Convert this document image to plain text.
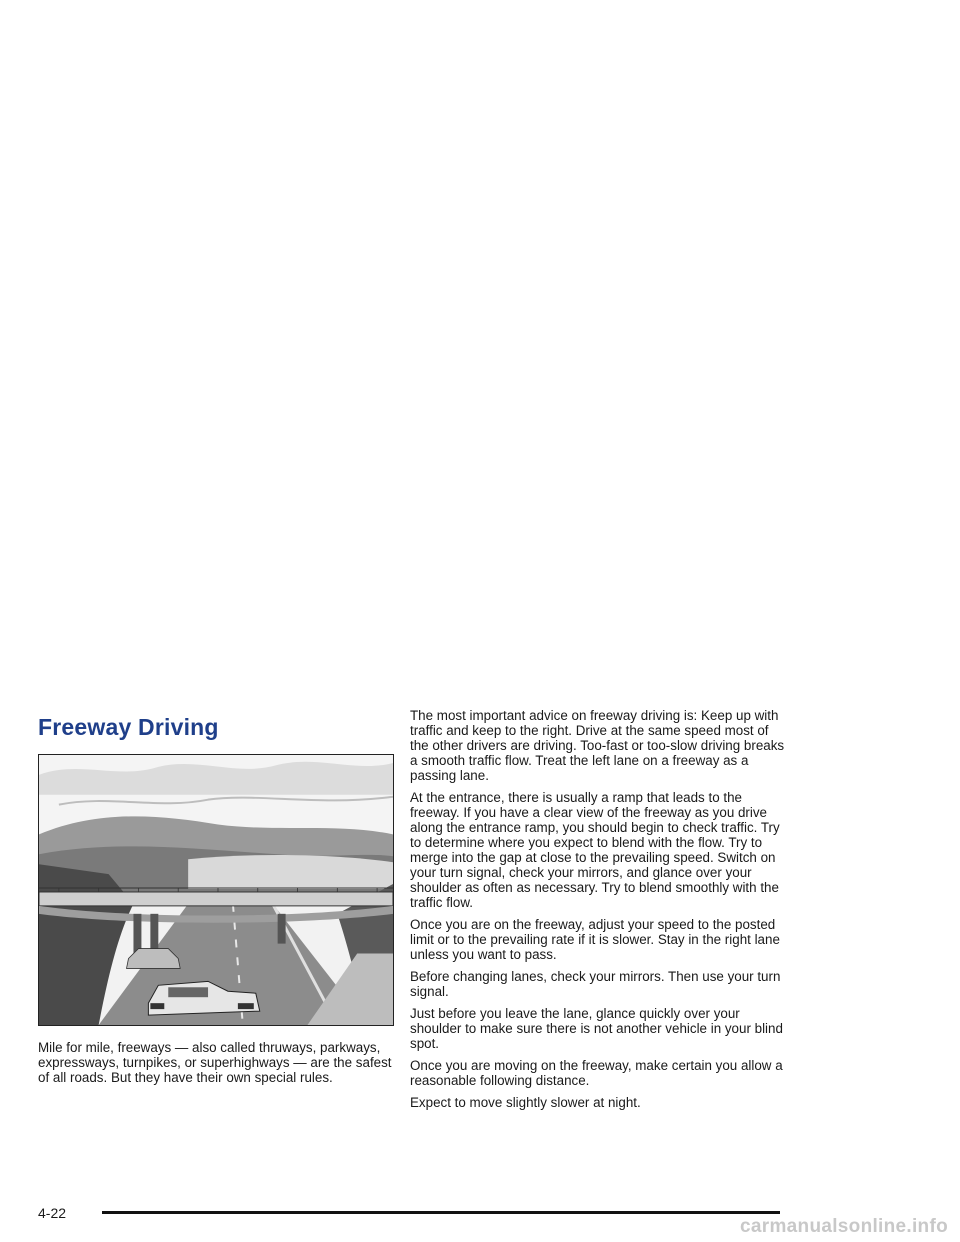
Freeway Driving

Mile for mile, freeways — also called thruways, parkways, expressways, turnpikes, or superhighways — are the safest of all roads. But they have their own special rules.

The most important advice on freeway driving is: Keep up with traffic and keep to the right. Drive at the same speed most of the other drivers are driving. Too-fast or too-slow driving breaks a smooth traffic flow. Treat the left lane on a freeway as a passing lane.

At the entrance, there is usually a ramp that leads to the freeway. If you have a clear view of the freeway as you drive along the entrance ramp, you should begin to check traffic. Try to determine where you expect to blend with the flow. Try to merge into the gap at close to the prevailing speed. Switch on your turn signal, check your mirrors, and glance over your shoulder as often as necessary. Try to blend smoothly with the traffic flow.

Once you are on the freeway, adjust your speed to the posted limit or to the prevailing rate if it is slower. Stay in the right lane unless you want to pass.

Before changing lanes, check your mirrors. Then use your turn signal.

Just before you leave the lane, glance quickly over your shoulder to make sure there is not another vehicle in your blind spot.

Once you are moving on the freeway, make certain you allow a reasonable following distance.

Expect to move slightly slower at night.

4-22
carmanualsonline.info
